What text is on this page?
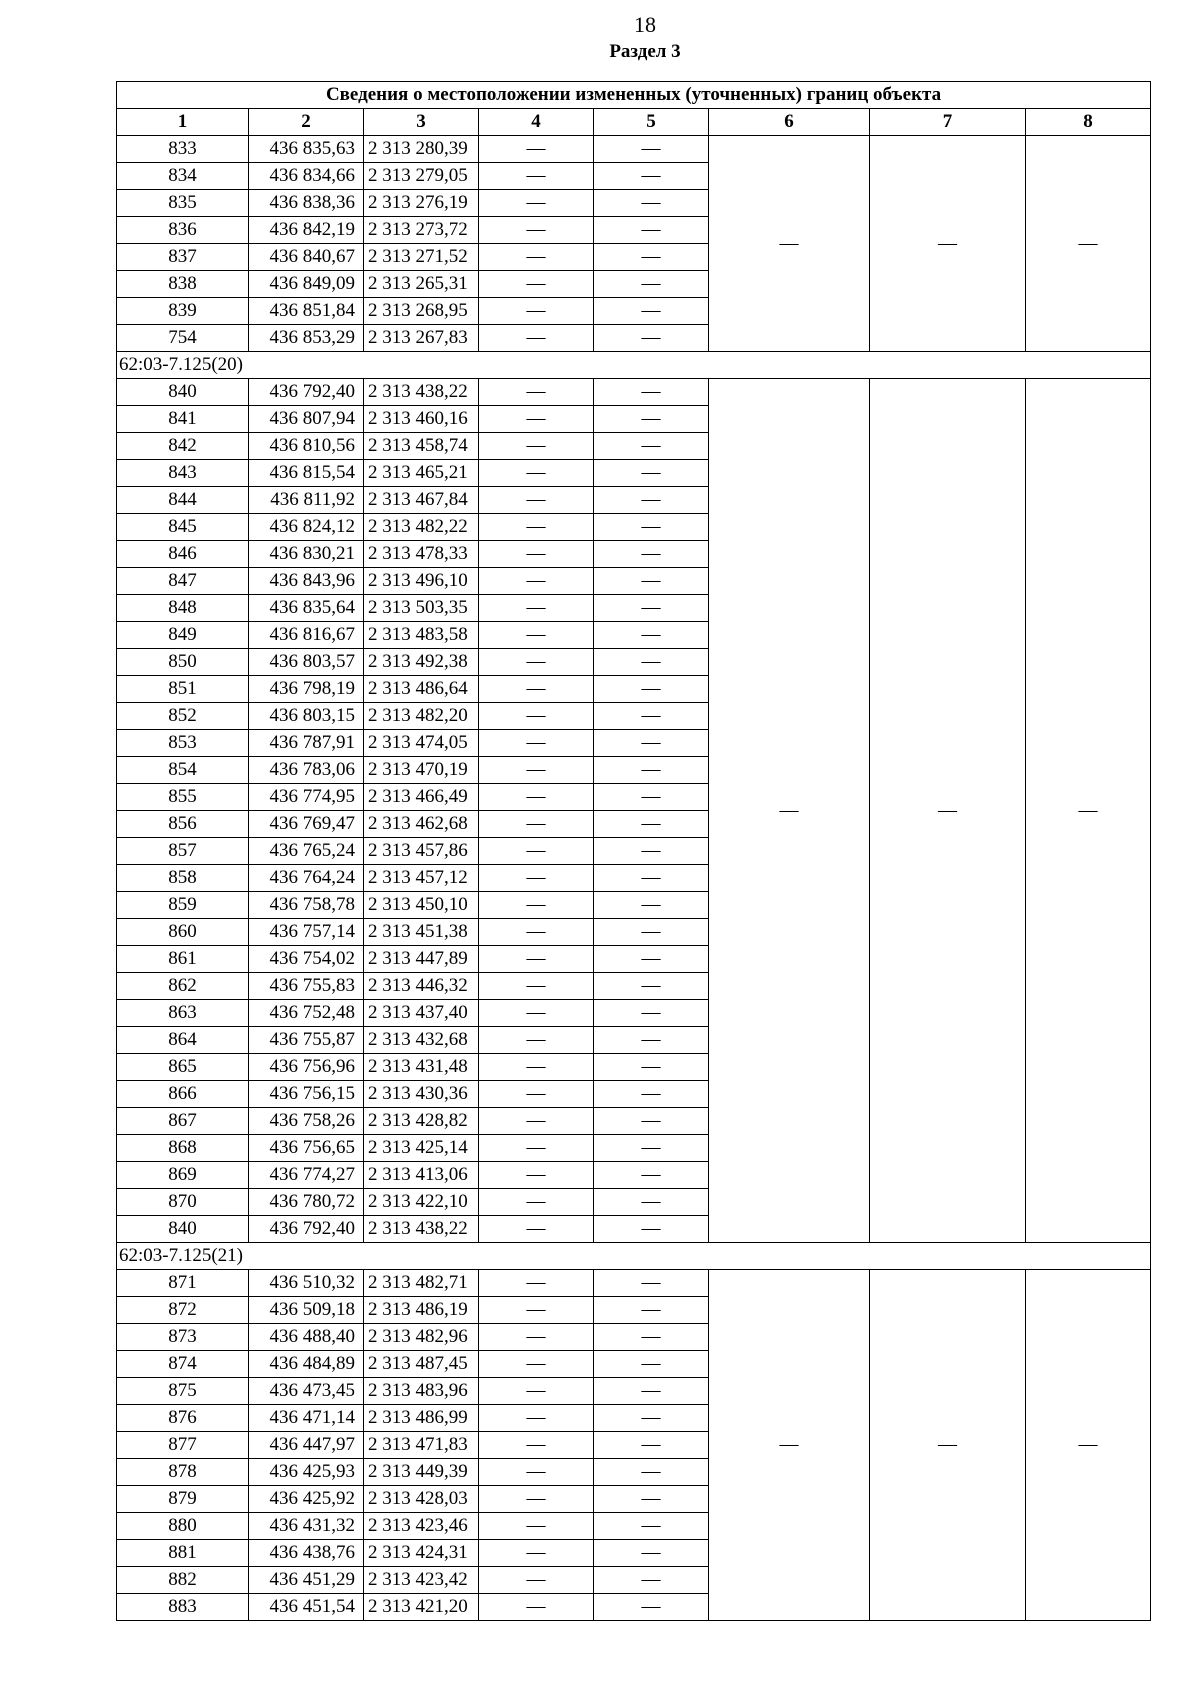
18
Раздел 3
Сведения о местоположении измененных (уточненных) границ объекта							
1	2	3	4	5	6	7	8
833	436 835,63	2 313 280,39	—	—	—	—	—
834	436 834,66	2 313 279,05	—	—			
835	436 838,36	2 313 276,19	—	—			
836	436 842,19	2 313 273,72	—	—			
837	436 840,67	2 313 271,52	—	—			
838	436 849,09	2 313 265,31	—	—			
839	436 851,84	2 313 268,95	—	—			
754	436 853,29	2 313 267,83	—	—			
62:03-7.125(20)							
840	436 792,40	2 313 438,22	—	—	—	—	—
841	436 807,94	2 313 460,16	—	—			
842	436 810,56	2 313 458,74	—	—			
843	436 815,54	2 313 465,21	—	—			
844	436 811,92	2 313 467,84	—	—			
845	436 824,12	2 313 482,22	—	—			
846	436 830,21	2 313 478,33	—	—			
847	436 843,96	2 313 496,10	—	—			
848	436 835,64	2 313 503,35	—	—			
849	436 816,67	2 313 483,58	—	—			
850	436 803,57	2 313 492,38	—	—			
851	436 798,19	2 313 486,64	—	—			
852	436 803,15	2 313 482,20	—	—			
853	436 787,91	2 313 474,05	—	—			
854	436 783,06	2 313 470,19	—	—			
855	436 774,95	2 313 466,49	—	—			
856	436 769,47	2 313 462,68	—	—			
857	436 765,24	2 313 457,86	—	—			
858	436 764,24	2 313 457,12	—	—			
859	436 758,78	2 313 450,10	—	—			
860	436 757,14	2 313 451,38	—	—			
861	436 754,02	2 313 447,89	—	—			
862	436 755,83	2 313 446,32	—	—			
863	436 752,48	2 313 437,40	—	—			
864	436 755,87	2 313 432,68	—	—			
865	436 756,96	2 313 431,48	—	—			
866	436 756,15	2 313 430,36	—	—			
867	436 758,26	2 313 428,82	—	—			
868	436 756,65	2 313 425,14	—	—			
869	436 774,27	2 313 413,06	—	—			
870	436 780,72	2 313 422,10	—	—			
840	436 792,40	2 313 438,22	—	—			
62:03-7.125(21)							
871	436 510,32	2 313 482,71	—	—	—	—	—
872	436 509,18	2 313 486,19	—	—			
873	436 488,40	2 313 482,96	—	—			
874	436 484,89	2 313 487,45	—	—			
875	436 473,45	2 313 483,96	—	—			
876	436 471,14	2 313 486,99	—	—			
877	436 447,97	2 313 471,83	—	—			
878	436 425,93	2 313 449,39	—	—			
879	436 425,92	2 313 428,03	—	—			
880	436 431,32	2 313 423,46	—	—			
881	436 438,76	2 313 424,31	—	—			
882	436 451,29	2 313 423,42	—	—			
883	436 451,54	2 313 421,20	—	—			
